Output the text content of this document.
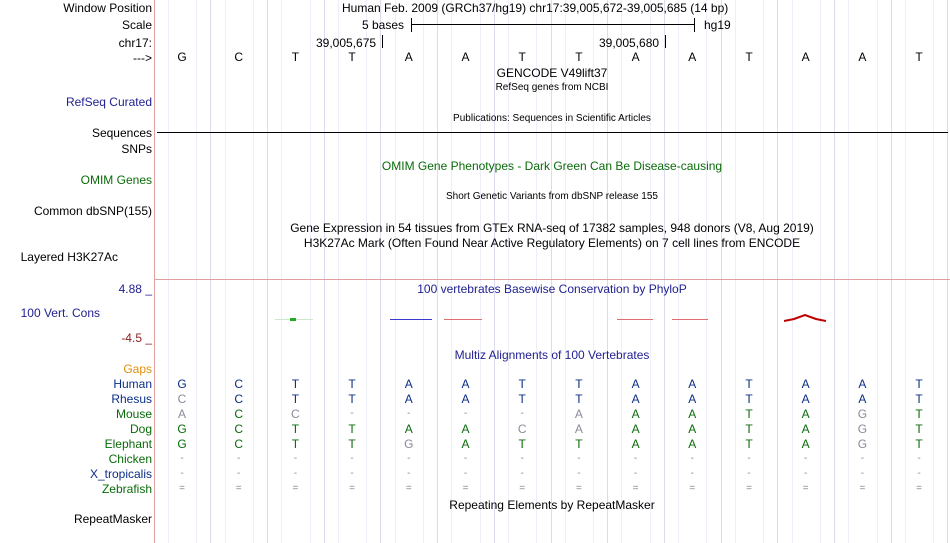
Window Position	Human Feb. 2009 (GRCh37/hg19) chr17:39,005,672-39,005,685 (14 bp)
Scale	5 bases	hg19
chr17:	39,005,675	39,005,680
--->	G	C	T	T	A	A	T	T	A	A	T	A	A	T
GENCODE V49lift37
RefSeq genes from NCBI
RefSeq Curated
Publications: Sequences in Scientific Articles
Sequences
SNPs
OMIM Gene Phenotypes - Dark Green Can Be Disease-causing
OMIM Genes
Short Genetic Variants from dbSNP release 155
Common dbSNP(155)
Gene Expression in 54 tissues from GTEx RNA-seq of 17382 samples, 948 donors (V8, Aug 2019)
H3K27Ac Mark (Often Found Near Active Regulatory Elements) on 7 cell lines from ENCODE
Layered H3K27Ac
100 vertebrates Basewise Conservation by PhyloP
4.88 _
100 Vert. Cons
-4.5 _
Multiz Alignments of 100 Vertebrates
Gaps
Human	G	C	T	T	A	A	T	T	A	A	T	A	A	T
Rhesus	C	C	T	T	A	A	T	T	A	A	T	A	A	T
Mouse	A	C	C	-	-	-	-	A	A	A	T	A	G	T
Dog	G	C	T	T	A	A	C	A	A	A	T	A	G	T
Elephant	G	C	T	T	G	A	T	T	A	A	T	A	G	T
Chicken	-	-	-	-	-	-	-	-	-	-	-	-	-	-
X_tropicalis	-	-	-	-	-	-	-	-	-	-	-	-	-	-
Zebrafish	=	=	=	=	=	=	=	=	=	=	=	=	=	=
Repeating Elements by RepeatMasker
RepeatMasker
